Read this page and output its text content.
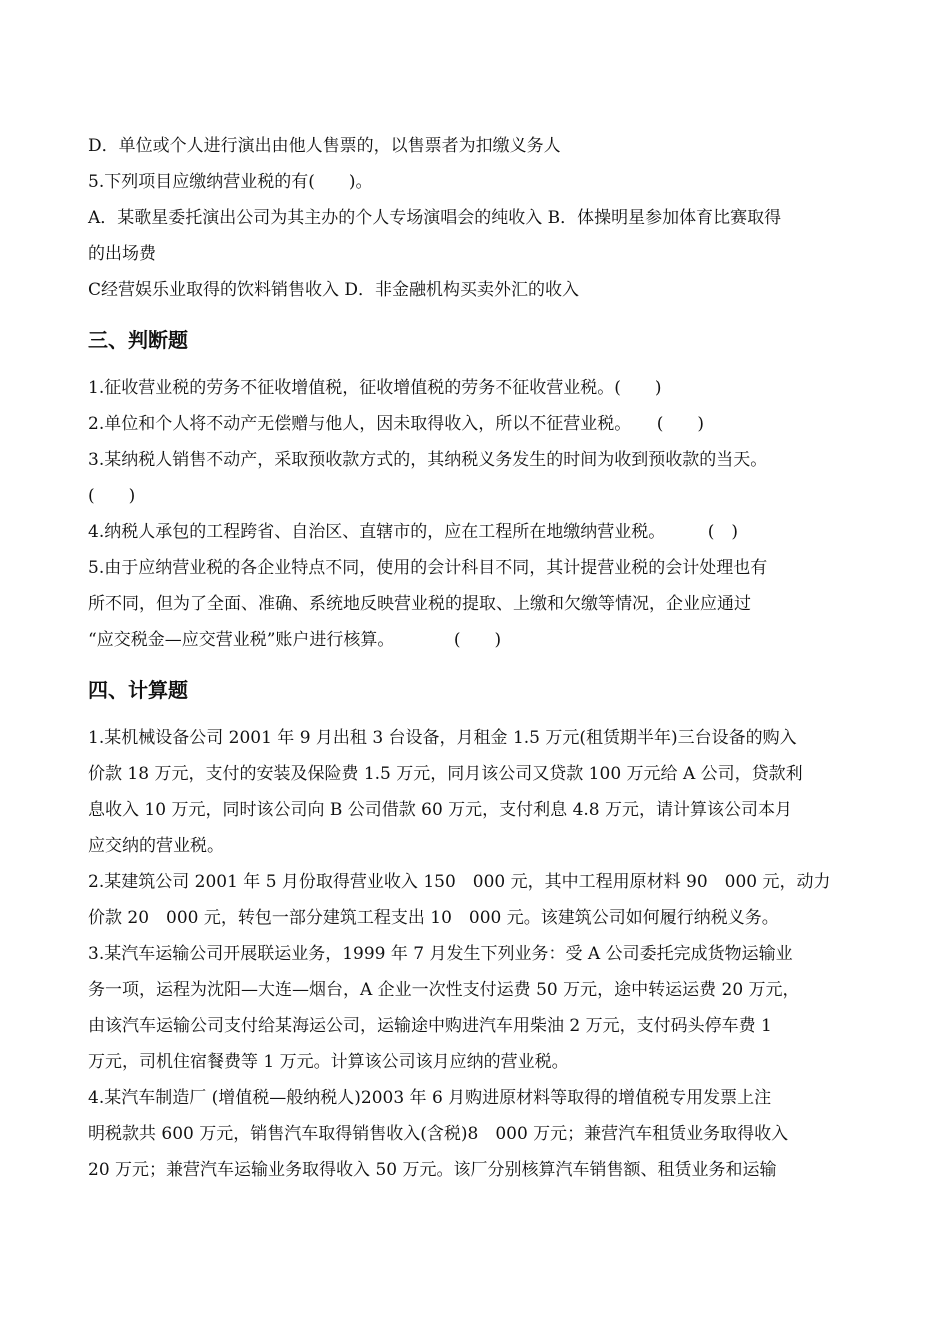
D．单位或个人进行演出由他人售票的，以售票者为扣缴义务人
5.下列项目应缴纳营业税的有(　　)。
A．某歌星委托演出公司为其主办的个人专场演唱会的纯收入 B．体操明星参加体育比赛取得
的出场费
C经营娱乐业取得的饮料销售收入 D．非金融机构买卖外汇的收入
三、判断题
1.征收营业税的劳务不征收增值税，征收增值税的劳务不征收营业税。(　　)
2.单位和个人将不动产无偿赠与他人，因未取得收入，所以不征营业税。　　(　　)
3.某纳税人销售不动产，采取预收款方式的，其纳税义务发生的时间为收到预收款的当天。
(　　)
4.纳税人承包的工程跨省、自治区、直辖市的，应在工程所在地缴纳营业税。　　　(　)
5.由于应纳营业税的各企业特点不同，使用的会计科目不同，其计提营业税的会计处理也有
所不同，但为了全面、准确、系统地反映营业税的提取、上缴和欠缴等情况，企业应通过
“应交税金—应交营业税”账户进行核算。　　　　(　　)
四、计算题
1.某机械设备公司 2001 年 9 月出租 3 台设备，月租金 1.5 万元(租赁期半年)三台设备的购入
价款 18 万元，支付的安装及保险费 1.5 万元，同月该公司又贷款 100 万元给 A 公司，贷款利
息收入 10 万元，同时该公司向 B 公司借款 60 万元，支付利息 4.8 万元，请计算该公司本月
应交纳的营业税。
2.某建筑公司 2001 年 5 月份取得营业收入 150　000 元，其中工程用原材料 90　000 元，动力
价款 20　000 元，转包一部分建筑工程支出 10　000 元。该建筑公司如何履行纳税义务。
3.某汽车运输公司开展联运业务，1999 年 7 月发生下列业务：受 A 公司委托完成货物运输业
务一项，运程为沈阳—大连—烟台，A 企业一次性支付运费 50 万元，途中转运运费 20 万元，
由该汽车运输公司支付给某海运公司，运输途中购进汽车用柴油 2 万元，支付码头停车费 1
万元，司机住宿餐费等 1 万元。计算该公司该月应纳的营业税。
4.某汽车制造厂 (增值税—般纳税人)2003 年 6 月购进原材料等取得的增值税专用发票上注
明税款共 600 万元，销售汽车取得销售收入(含税)8　000 万元；兼营汽车租赁业务取得收入
20 万元；兼营汽车运输业务取得收入 50 万元。该厂分别核算汽车销售额、租赁业务和运输
